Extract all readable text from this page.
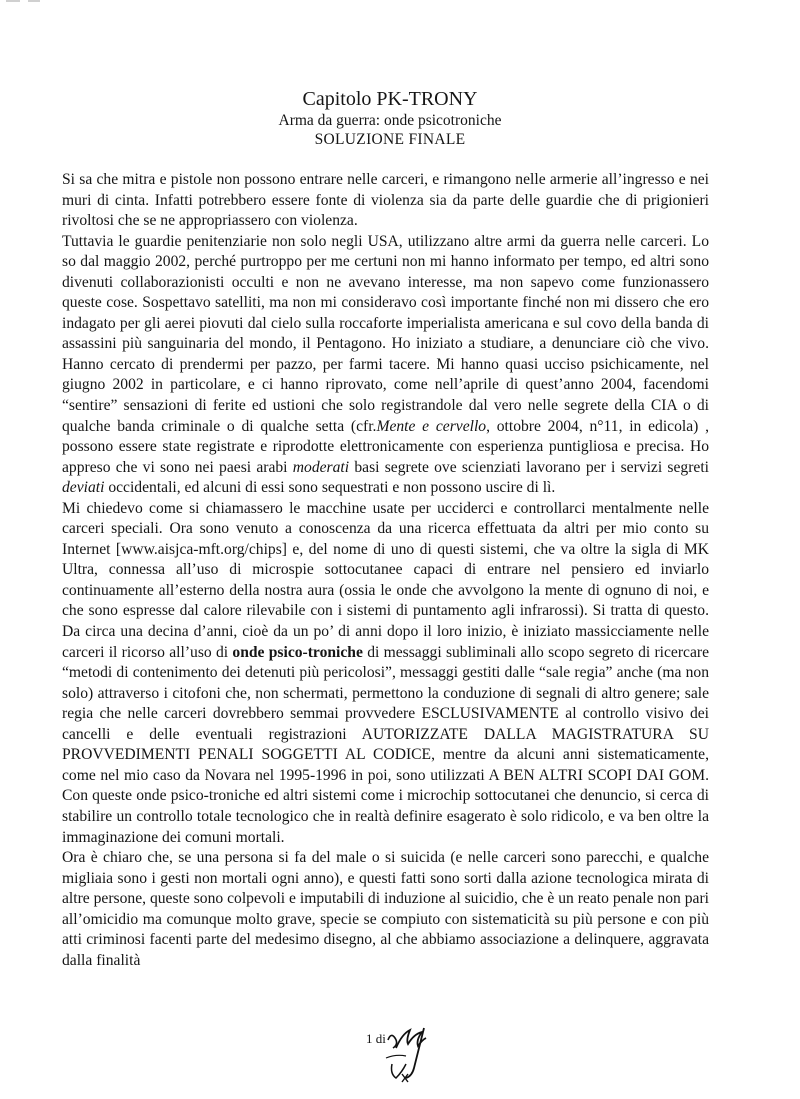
Capitolo PK-TRONY
Arma da guerra: onde psicotroniche
SOLUZIONE FINALE

Si sa che mitra e pistole non possono entrare nelle carceri, e rimangono nelle armerie all’ingresso e nei muri di cinta. Infatti potrebbero essere fonte di violenza sia da parte delle guardie che di prigionieri rivoltosi che se ne appropriassero con violenza.

Tuttavia le guardie penitenziarie non solo negli USA, utilizzano altre armi da guerra nelle carceri. Lo so dal maggio 2002, perché purtroppo per me certuni non mi hanno informato per tempo, ed altri sono divenuti collaborazionisti occulti e non ne avevano interesse, ma non sapevo come funzionassero queste cose. Sospettavo satelliti, ma non mi consideravo così importante finché non mi dissero che ero indagato per gli aerei piovuti dal cielo sulla roccaforte imperialista americana e sul covo della banda di assassini più sanguinaria del mondo, il Pentagono. Ho iniziato a studiare, a denunciare ciò che vivo. Hanno cercato di prendermi per pazzo, per farmi tacere. Mi hanno quasi ucciso psichicamente, nel giugno 2002 in particolare, e ci hanno riprovato, come nell’aprile di quest’anno 2004, facendomi “sentire” sensazioni di ferite ed ustioni che solo registrandole dal vero nelle segrete della CIA o di qualche banda criminale o di qualche setta (cfr.Mente e cervello, ottobre 2004, n°11, in edicola) , possono essere state registrate e riprodotte elettronicamente con esperienza puntigliosa e precisa. Ho appreso che vi sono nei paesi arabi moderati basi segrete ove scienziati lavorano per i servizi segreti deviati occidentali, ed alcuni di essi sono sequestrati e non possono uscire di lì.

Mi chiedevo come si chiamassero le macchine usate per ucciderci e controllarci mentalmente nelle carceri speciali. Ora sono venuto a conoscenza da una ricerca effettuata da altri per mio conto su Internet [www.aisjca-mft.org/chips] e, del nome di uno di questi sistemi, che va oltre la sigla di MK Ultra, connessa all’uso di microspie sottocutanee capaci di entrare nel pensiero ed inviarlo continuamente all’esterno della nostra aura (ossia le onde che avvolgono la mente di ognuno di noi, e che sono espresse dal calore rilevabile con i sistemi di puntamento agli infrarossi). Si tratta di questo. Da circa una decina d’anni, cioè da un po’ di anni dopo il loro inizio, è iniziato massicciamente nelle carceri il ricorso all’uso di onde psico-troniche di messaggi subliminali allo scopo segreto di ricercare “metodi di contenimento dei detenuti più pericolosi”, messaggi gestiti dalle “sale regia” anche (ma non solo) attraverso i citofoni che, non schermati, permettono la conduzione di segnali di altro genere; sale regia che nelle carceri dovrebbero semmai provvedere ESCLUSIVAMENTE al controllo visivo dei cancelli e delle eventuali registrazioni AUTORIZZATE DALLA MAGISTRATURA SU PROVVEDIMENTI PENALI SOGGETTI AL CODICE, mentre da alcuni anni sistematicamente, come nel mio caso da Novara nel 1995-1996 in poi, sono utilizzati A BEN ALTRI SCOPI DAI GOM. Con queste onde psico-troniche ed altri sistemi come i microchip sottocutanei che denuncio, si cerca di stabilire un controllo totale tecnologico che in realtà definire esagerato è solo ridicolo, e va ben oltre la immaginazione dei comuni mortali.

Ora è chiaro che, se una persona si fa del male o si suicida (e nelle carceri sono parecchi, e qualche migliaia sono i gesti non mortali ogni anno), e questi fatti sono sorti dalla azione tecnologica mirata di altre persone, queste sono colpevoli e imputabili di induzione al suicidio, che è un reato penale non pari all’omicidio ma comunque molto grave, specie se compiuto con sistematicità su più persone e con più atti criminosi facenti parte del medesimo disegno, al che abbiamo associazione a delinquere, aggravata dalla finalità

1 di
